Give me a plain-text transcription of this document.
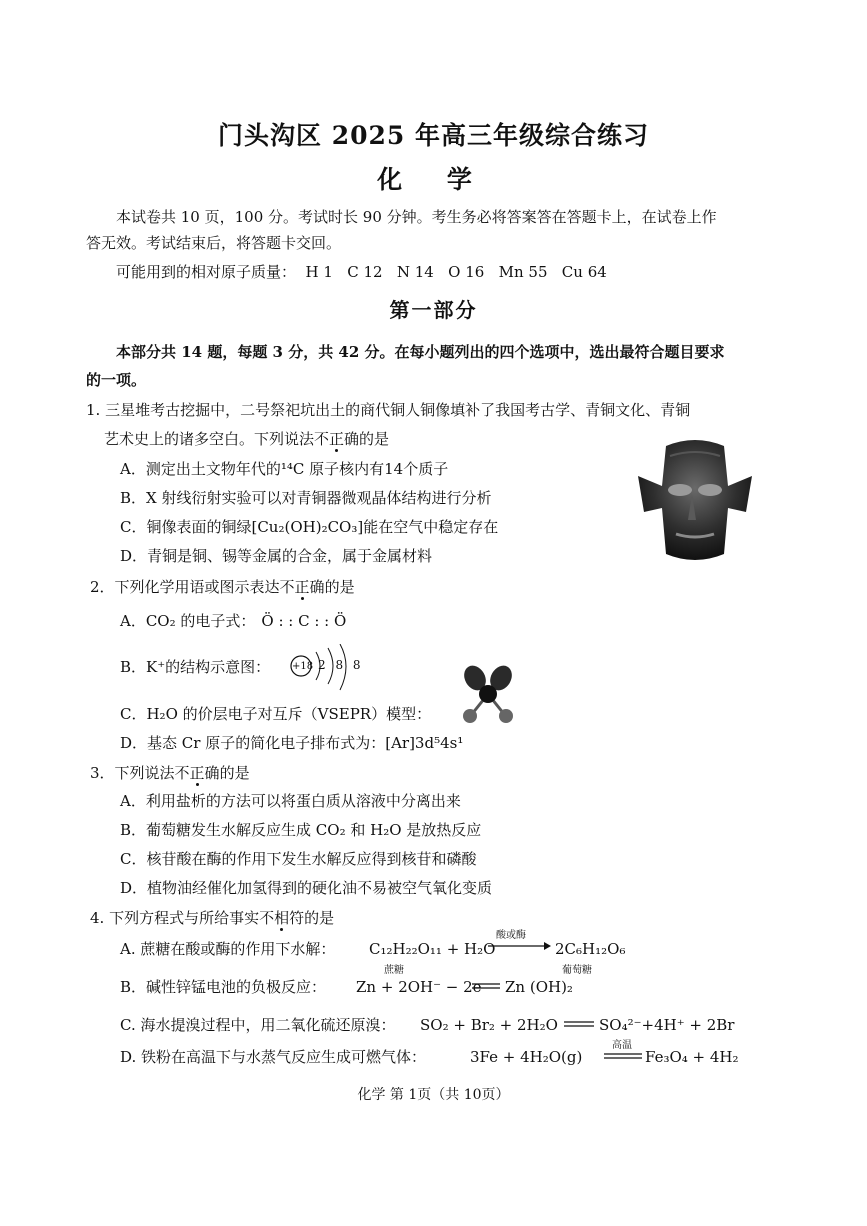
门头沟区 2025 年高三年级综合练习
化 学
本试卷共 10 页，100 分。考试时长 90 分钟。考生务必将答案答在答题卡上，在试卷上作
答无效。考试结束后，将答题卡交回。
可能用到的相对原子质量：  H 1   C 12   N 14   O 16   Mn 55   Cu 64
第一部分
本部分共 14 题，每题 3 分，共 42 分。在每小题列出的四个选项中，选出最符合题目要求
的一项。
1. 三星堆考古挖掘中，二号祭祀坑出土的商代铜人铜像填补了我国考古学、青铜文化、青铜
艺术史上的诸多空白。下列说法不正确的是
A．测定出土文物年代的¹⁴C 原子核内有14个质子
B．X 射线衍射实验可以对青铜器微观晶体结构进行分析
C．铜像表面的铜绿[Cu₂(OH)₂CO₃]能在空气中稳定存在
D．青铜是铜、锡等金属的合金，属于金属材料
2．下列化学用语或图示表达不正确的是
A．CO₂ 的电子式： Ö : : C : : Ö
B．K⁺的结构示意图： +18 2 8 8
C．H₂O 的价层电子对互斥（VSEPR）模型：
D．基态 Cr 原子的简化电子排布式为：[Ar]3d⁵4s¹
3．下列说法不正确的是
A．利用盐析的方法可以将蛋白质从溶液中分离出来
B．葡萄糖发生水解反应生成 CO₂ 和 H₂O 是放热反应
C．核苷酸在酶的作用下发生水解反应得到核苷和磷酸
D．植物油经催化加氢得到的硬化油不易被空气氧化变质
4. 下列方程式与所给事实不相符的是
A. 蔗糖在酸或酶的作用下水解： C₁₂H₂₂O₁₁ + H₂O
酸或酶
2C₆H₁₂O₆
蔗糖	葡萄糖
B．碱性锌锰电池的负极反应： Zn + 2OH⁻ − 2e Zn (OH)₂
C. 海水提溴过程中，用二氧化硫还原溴： SO₂ + Br₂ + 2H₂O	SO₄²⁻+4H⁺ + 2Br
D. 铁粉在高温下与水蒸气反应生成可燃气体：	3Fe + 4H₂O(g)
高温
Fe₃O₄ + 4H₂
化学 第 1页（共 10页）
